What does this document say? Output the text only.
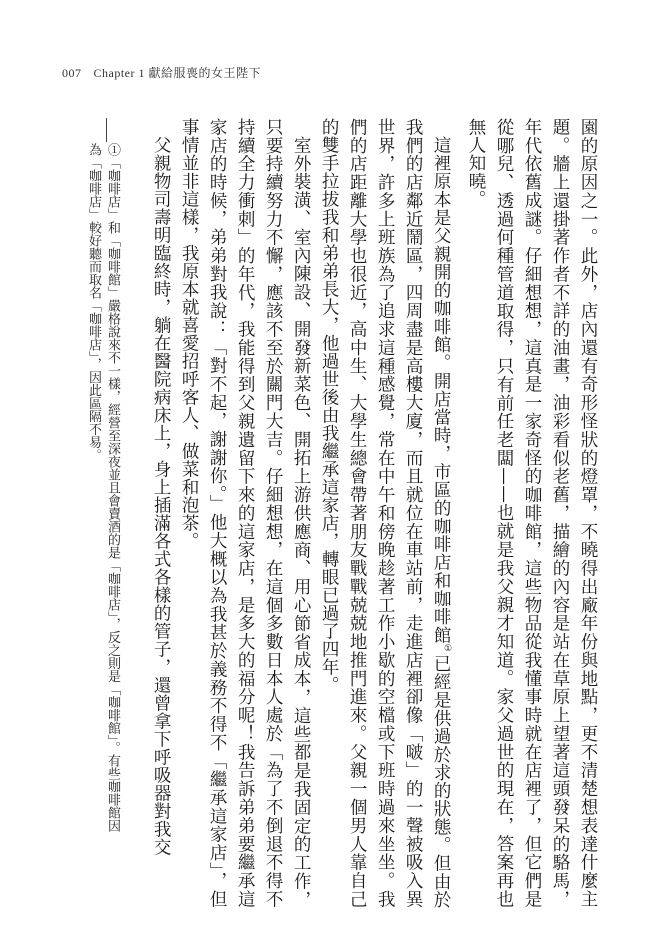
007 Chapter 1 獻給服喪的女王陛下

園的原因之一。此外，店內還有奇形怪狀的燈罩，不曉得出廠年份與地點，更不清楚想表達什麼主題。牆上還掛著作者不詳的油畫，油彩看似老舊，描繪的內容是站在草原上望著這頭發呆的駱馬，年代依舊成謎。仔細想想，這真是一家奇怪的咖啡館，這些物品從我懂事時就在店裡了，但它們是從哪兒、透過何種管道取得，只有前任老闆——也就是我父親才知道。家父過世的現在，答案再也無人知曉。

這裡原本是父親開的咖啡館。開店當時，市區的咖啡店和咖啡館①已經是供過於求的狀態。但由於我們的店鄰近鬧區，四周盡是高樓大廈，而且就位在車站前，走進店裡卻像「啵」的一聲被吸入異世界，許多上班族為了追求這種感覺，常在中午和傍晚趁著工作小歇的空檔或下班時過來坐坐。我們的店距離大學也很近，高中生、大學生總會帶著朋友戰戰兢兢地推門進來。父親一個男人靠自己的雙手拉拔我和弟弟長大，他過世後由我繼承這家店，轉眼已過了四年。

室外裝潢、室內陳設、開發新菜色、開拓上游供應商、用心節省成本，這些都是我固定的工作，只要持續努力不懈，應該不至於關門大吉。仔細想想，在這個多數日本人處於「為了不倒退不得不持續全力衝刺」的年代，我能得到父親遺留下來的這家店，是多大的福分呢！我告訴弟弟要繼承這家店的時候，弟弟對我說：「對不起，謝謝你。」他大概以為我甚於義務不得不「繼承這家店」，但事情並非這樣，我原本就喜愛招呼客人、做菜和泡茶。

父親物司壽明臨終時，躺在醫院病床上，身上插滿各式各樣的管子，還曾拿下呼吸器對我交

①「咖啡店」和「咖啡館」嚴格說來不一樣，經營至深夜並且會賣酒的是「咖啡店」，反之則是「咖啡館」。有些咖啡館因為「咖啡店」較好聽而取名「咖啡店」，因此區隔不易。
